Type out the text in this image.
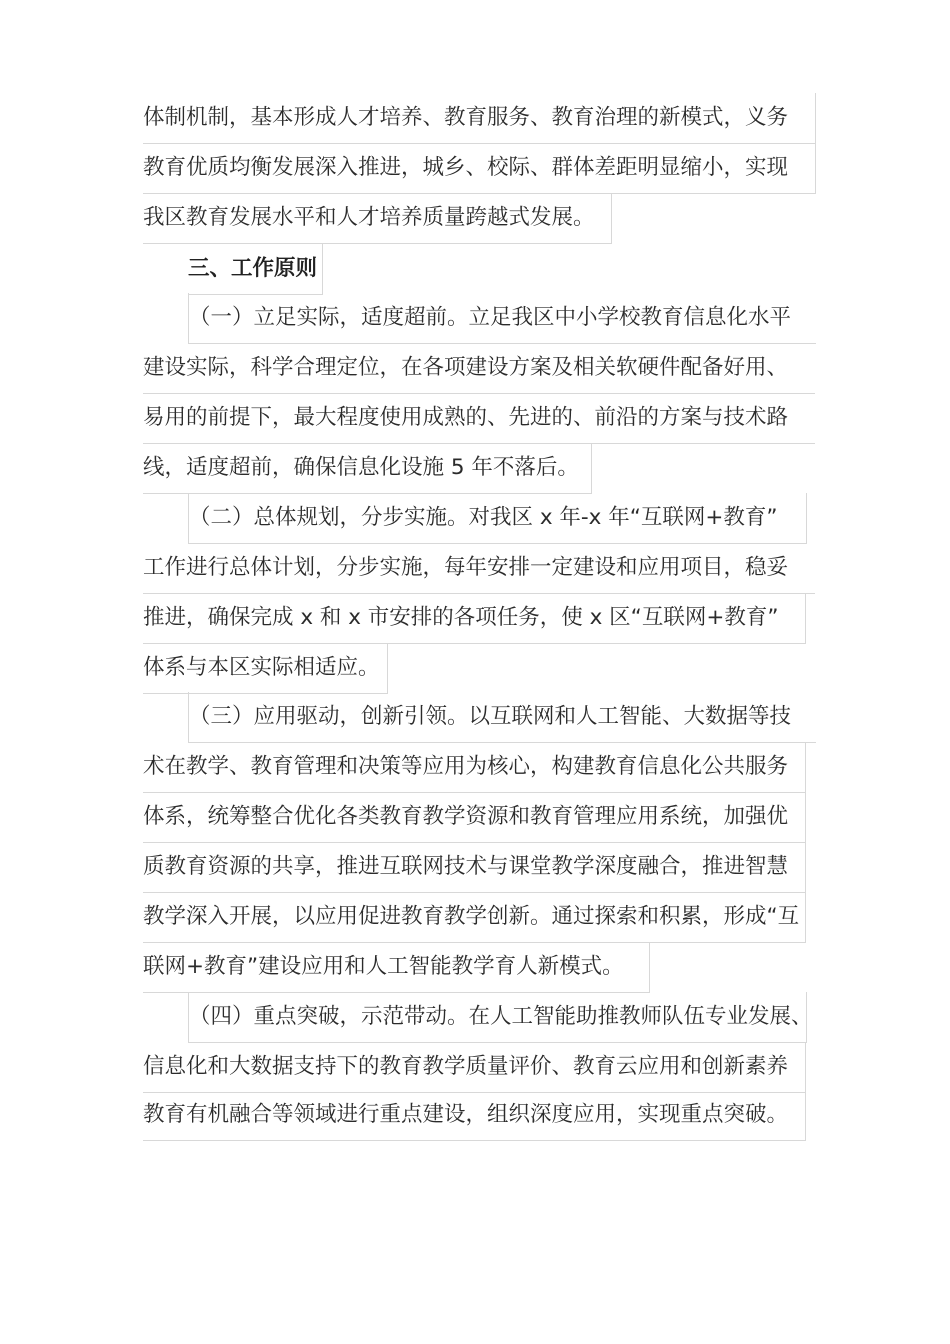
体制机制，基本形成人才培养、教育服务、教育治理的新模式，义务
教育优质均衡发展深入推进，城乡、校际、群体差距明显缩小，实现
我区教育发展水平和人才培养质量跨越式发展。
三、工作原则
（一）立足实际，适度超前。立足我区中小学校教育信息化水平
建设实际，科学合理定位，在各项建设方案及相关软硬件配备好用、
易用的前提下，最大程度使用成熟的、先进的、前沿的方案与技术路
线，适度超前，确保信息化设施 5 年不落后。
（二）总体规划，分步实施。对我区 x 年-x 年“互联网+教育”
工作进行总体计划，分步实施，每年安排一定建设和应用项目，稳妥
推进，确保完成 x 和 x 市安排的各项任务，使 x 区“互联网+教育”
体系与本区实际相适应。
（三）应用驱动，创新引领。以互联网和人工智能、大数据等技
术在教学、教育管理和决策等应用为核心，构建教育信息化公共服务
体系，统筹整合优化各类教育教学资源和教育管理应用系统，加强优
质教育资源的共享，推进互联网技术与课堂教学深度融合，推进智慧
教学深入开展，以应用促进教育教学创新。通过探索和积累，形成“互
联网+教育”建设应用和人工智能教学育人新模式。
（四）重点突破，示范带动。在人工智能助推教师队伍专业发展、
信息化和大数据支持下的教育教学质量评价、教育云应用和创新素养
教育有机融合等领域进行重点建设，组织深度应用，实现重点突破。
